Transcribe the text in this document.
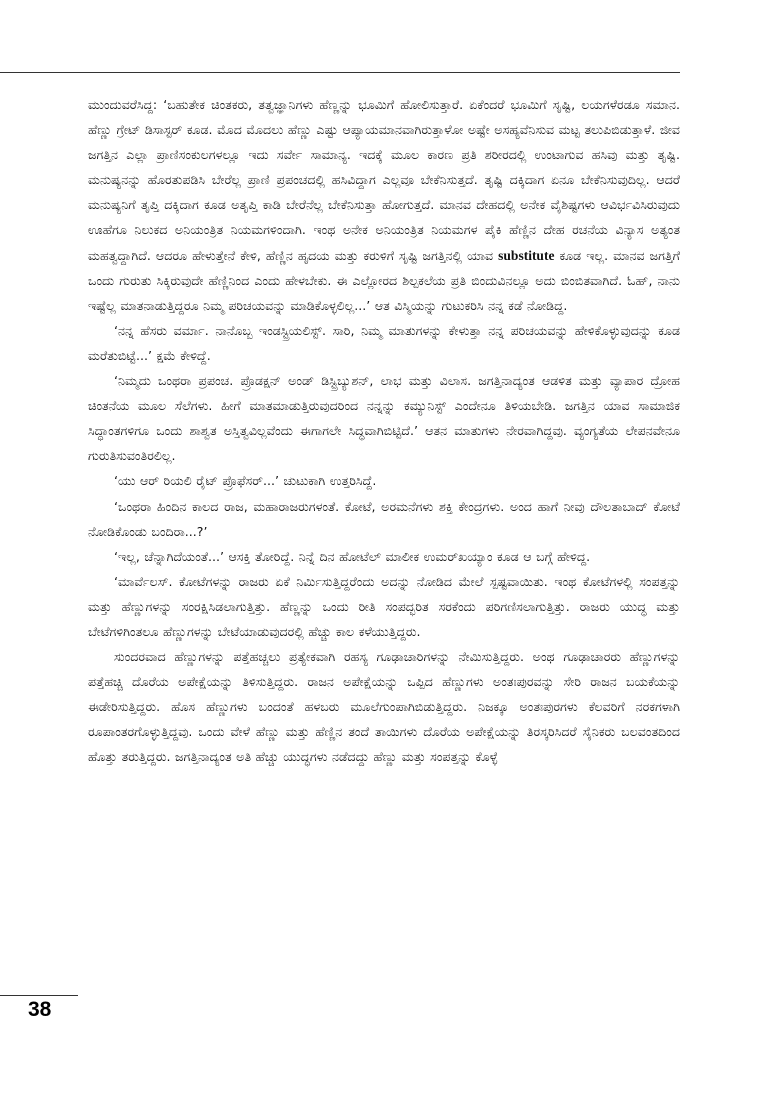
ಮುಂದುವರೆಸಿದ್ದ: ‘ಬಹುತೇಕ ಚಿಂತಕರು, ತತ್ವಜ್ಞಾನಿಗಳು ಹೆಣ್ಣನ್ನು ಭೂಮಿಗೆ ಹೋಲಿಸುತ್ತಾರೆ. ಏಕೆಂದರೆ ಭೂಮಿಗೆ ಸೃಷ್ಟಿ, ಲಯಗಳೆರಡೂ ಸಮಾನ. ಹೆಣ್ಣು ಗ್ರೇಟ್ ಡಿಸಾಸ್ಟರ್ ಕೂಡ. ಮೊದ ಮೊದಲು ಹೆಣ್ಣು ಎಷ್ಟು ಆಪ್ಯಾಯಮಾನವಾಗಿರುತ್ತಾಳೋ ಅಷ್ಟೇ ಅಸಹ್ಯವೆನಿಸುವ ಮಟ್ಟ ತಲುಪಿಬಿಡುತ್ತಾಳೆ. ಜೀವ ಜಗತ್ತಿನ ಎಲ್ಲಾ ಪ್ರಾಣಿಸಂಕುಲಗಳಲ್ಲೂ ಇದು ಸರ್ವೇ ಸಾಮಾನ್ಯ. ಇದಕ್ಕೆ ಮೂಲ ಕಾರಣ ಪ್ರತಿ ಶರೀರದಲ್ಲಿ ಉಂಟಾಗುವ ಹಸಿವು ಮತ್ತು ತೃಷ್ಟಿ. ಮನುಷ್ಯನನ್ನು ಹೊರತುಪಡಿಸಿ ಬೇರೆಲ್ಲ ಪ್ರಾಣಿ ಪ್ರಪಂಚದಲ್ಲಿ ಹಸಿವಿದ್ದಾಗ ಎಲ್ಲವೂ ಬೇಕೆನಿಸುತ್ತದೆ. ತೃಷ್ಟಿ ದಕ್ಕಿದಾಗ ಏನೂ ಬೇಕೆನಿಸುವುದಿಲ್ಲ. ಆದರೆ ಮನುಷ್ಯನಿಗೆ ತೃಪ್ತಿ ದಕ್ಕಿದಾಗ ಕೂಡ ಅತೃಪ್ತಿ ಕಾಡಿ ಬೇರೆನೆಲ್ಲ ಬೇಕೆನಿಸುತ್ತಾ ಹೋಗುತ್ತದೆ. ಮಾನವ ದೇಹದಲ್ಲಿ ಅನೇಕ ವೈಶಿಷ್ಟಗಳು ಆವಿರ್ಭವಿಸಿರುವುದು ಊಹೆಗೂ ನಿಲುಕದ ಅನಿಯಂತ್ರಿತ ನಿಯಮಗಳಿಂದಾಗಿ. ಇಂಥ ಅನೇಕ ಅನಿಯಂತ್ರಿತ ನಿಯಮಗಳ ಪೈಕಿ ಹೆಣ್ಣಿನ ದೇಹ ರಚನೆಯ ವಿನ್ಯಾಸ ಅತ್ಯಂತ ಮಹತ್ವದ್ದಾಗಿದೆ. ಆದರೂ ಹೇಳುತ್ತೇನೆ ಕೇಳಿ, ಹೆಣ್ಣಿನ ಹೃದಯ ಮತ್ತು ಕರುಳಿಗೆ ಸೃಷ್ಟಿ ಜಗತ್ತಿನಲ್ಲಿ ಯಾವ substitute ಕೂಡ ಇಲ್ಲ. ಮಾನವ ಜಗತ್ತಿಗೆ ಒಂದು ಗುರುತು ಸಿಕ್ಕಿರುವುದೇ ಹೆಣ್ಣಿನಿಂದ ಎಂದು ಹೇಳಬೇಕು. ಈ ಎಲ್ಲೋರದ ಶಿಲ್ಪಕಲೆಯ ಪ್ರತಿ ಬಿಂದುವಿನಲ್ಲೂ ಅದು ಬಿಂಬಿತವಾಗಿದೆ. ಓಹ್, ನಾನು ಇಷ್ಟೆಲ್ಲ ಮಾತನಾಡುತ್ತಿದ್ದರೂ ನಿಮ್ಮ ಪರಿಚಯವನ್ನು ಮಾಡಿಕೊಳ್ಳಲಿಲ್ಲ...’ ಆತ ವಿಸ್ಮಿಯನ್ನು ಗುಟುಕರಿಸಿ ನನ್ನ ಕಡೆ ನೋಡಿದ್ದ.

‘ನನ್ನ ಹೆಸರು ವರ್ಮಾ. ನಾನೊಬ್ಬ ಇಂಡಸ್ಟ್ರಿಯಲಿಸ್ಟ್. ಸಾರಿ, ನಿಮ್ಮ ಮಾತುಗಳನ್ನು ಕೇಳುತ್ತಾ ನನ್ನ ಪರಿಚಯವನ್ನು ಹೇಳಿಕೊಳ್ಳುವುದನ್ನು ಕೂಡ ಮರೆತುಬಿಟ್ಟೆ...’ ಕ್ಷಮೆ ಕೇಳಿದ್ದೆ.

‘ನಿಮ್ಮದು ಒಂಥರಾ ಪ್ರಪಂಚ. ಪ್ರೊಡಕ್ಷನ್ ಅಂಡ್ ಡಿಸ್ಟ್ರಿಬ್ಯುಶನ್, ಲಾಭ ಮತ್ತು ವಿಲಾಸ. ಜಗತ್ತಿನಾದ್ಯಂತ ಆಡಳಿತ ಮತ್ತು ವ್ಯಾಪಾರ ದ್ರೋಹ ಚಿಂತನೆಯ ಮೂಲ ಸೆಲೆಗಳು. ಹೀಗೆ ಮಾತಮಾಡುತ್ತಿರುವುದರಿಂದ ನನ್ನನ್ನು ಕಮ್ಯುನಿಸ್ಟ್ ಎಂದೇನೂ ತಿಳಿಯಬೇಡಿ. ಜಗತ್ತಿನ ಯಾವ ಸಾಮಾಜಿಕ ಸಿದ್ಧಾಂತಗಳಿಗೂ ಒಂದು ಶಾಶ್ವತ ಅಸ್ತಿತ್ವವಿಲ್ಲವೆಂದು ಈಗಾಗಲೇ ಸಿದ್ಧವಾಗಿಬಿಟ್ಟಿದೆ.’ ಆತನ ಮಾತುಗಳು ನೇರವಾಗಿದ್ದವು. ವ್ಯಂಗ್ಯತೆಯ ಲೇಪನವೇನೂ ಗುರುತಿಸುವಂತಿರಲಿಲ್ಲ.

‘ಯು ಆರ್ ರಿಯಲಿ ರೈಟ್ ಪ್ರೊಫೆಸರ್...’ ಚುಟುಕಾಗಿ ಉತ್ತರಿಸಿದ್ದೆ.

‘ಒಂಥರಾ ಹಿಂದಿನ ಕಾಲದ ರಾಜ, ಮಹಾರಾಜರುಗಳಂತೆ. ಕೋಟೆ, ಅರಮನೆಗಳು ಶಕ್ತಿ ಕೇಂದ್ರಗಳು. ಅಂದ ಹಾಗೆ ನೀವು ದೌಲತಾಬಾದ್ ಕೋಟೆ ನೋಡಿಕೊಂಡು ಬಂದಿರಾ...?’

‘ಇಲ್ಲ, ಚೆನ್ನಾಗಿದೆಯಂತೆ...’ ಆಸಕ್ತಿ ತೋರಿದ್ದೆ. ನಿನ್ನೆ ದಿನ ಹೋಟೆಲ್ ಮಾಲೀಕ ಉಮರ್‌ಖಯ್ಯಾಂ ಕೂಡ ಆ ಬಗ್ಗೆ ಹೇಳಿದ್ದ.

‘ಮಾರ್ವೆಲಸ್. ಕೋಟೆಗಳನ್ನು ರಾಜರು ಏಕೆ ನಿರ್ಮಿಸುತ್ತಿದ್ದರೆಂದು ಅದನ್ನು ನೋಡಿದ ಮೇಲೆ ಸ್ಪಷ್ಟವಾಯಿತು. ಇಂಥ ಕೋಟೆಗಳಲ್ಲಿ ಸಂಪತ್ತನ್ನು ಮತ್ತು ಹೆಣ್ಣುಗಳನ್ನು ಸಂರಕ್ಷಿಸಿಡಲಾಗುತ್ತಿತ್ತು. ಹೆಣ್ಣನ್ನು ಒಂದು ರೀತಿ ಸಂಪದ್ಭರಿತ ಸರಕೆಂದು ಪರಿಗಣಿಸಲಾಗುತ್ತಿತ್ತು. ರಾಜರು ಯುದ್ಧ ಮತ್ತು ಬೇಟೆಗಳಿಗಿಂತಲೂ ಹೆಣ್ಣುಗಳನ್ನು ಬೇಟೆಯಾಡುವುದರಲ್ಲಿ ಹೆಚ್ಚು ಕಾಲ ಕಳೆಯುತ್ತಿದ್ದರು.

ಸುಂದರವಾದ ಹೆಣ್ಣುಗಳನ್ನು ಪತ್ತೆಹಚ್ಚಲು ಪ್ರತ್ಯೇಕವಾಗಿ ರಹಸ್ಯ ಗೂಢಾಚಾರಿಗಳನ್ನು ನೇಮಿಸುತ್ತಿದ್ದರು. ಅಂಥ ಗೂಢಾಚಾರರು ಹೆಣ್ಣುಗಳನ್ನು ಪತ್ತೆಹಚ್ಚಿ ದೊರೆಯ ಅಪೇಕ್ಷೆಯನ್ನು ತಿಳಿಸುತ್ತಿದ್ದರು. ರಾಜನ ಅಪೇಕ್ಷೆಯನ್ನು ಒಪ್ಪಿದ ಹೆಣ್ಣುಗಳು ಅಂತಃಪುರವನ್ನು ಸೇರಿ ರಾಜನ ಬಯಕೆಯನ್ನು ಈಡೇರಿಸುತ್ತಿದ್ದರು. ಹೊಸ ಹೆಣ್ಣುಗಳು ಬಂದಂತೆ ಹಳಬರು ಮೂಲೆಗುಂಪಾಗಿಬಿಡುತ್ತಿದ್ದರು. ನಿಜಕ್ಕೂ ಅಂತಃಪುರಗಳು ಕೆಲವರಿಗೆ ನರಕಗಳಾಗಿ ರೂಪಾಂತರಗೊಳ್ಳುತ್ತಿದ್ದವು. ಒಂದು ವೇಳೆ ಹೆಣ್ಣು ಮತ್ತು ಹೆಣ್ಣಿನ ತಂದೆ ತಾಯಿಗಳು ದೊರೆಯ ಅಪೇಕ್ಷೆಯನ್ನು ತಿರಸ್ಕರಿಸಿದರೆ ಸೈನಿಕರು ಬಲವಂತದಿಂದ ಹೊತ್ತು ತರುತ್ತಿದ್ದರು. ಜಗತ್ತಿನಾದ್ಯಂತ ಅತಿ ಹೆಚ್ಚು ಯುದ್ಧಗಳು ನಡೆದದ್ದು ಹೆಣ್ಣು ಮತ್ತು ಸಂಪತ್ತನ್ನು ಕೊಳ್ಳೆ

38
